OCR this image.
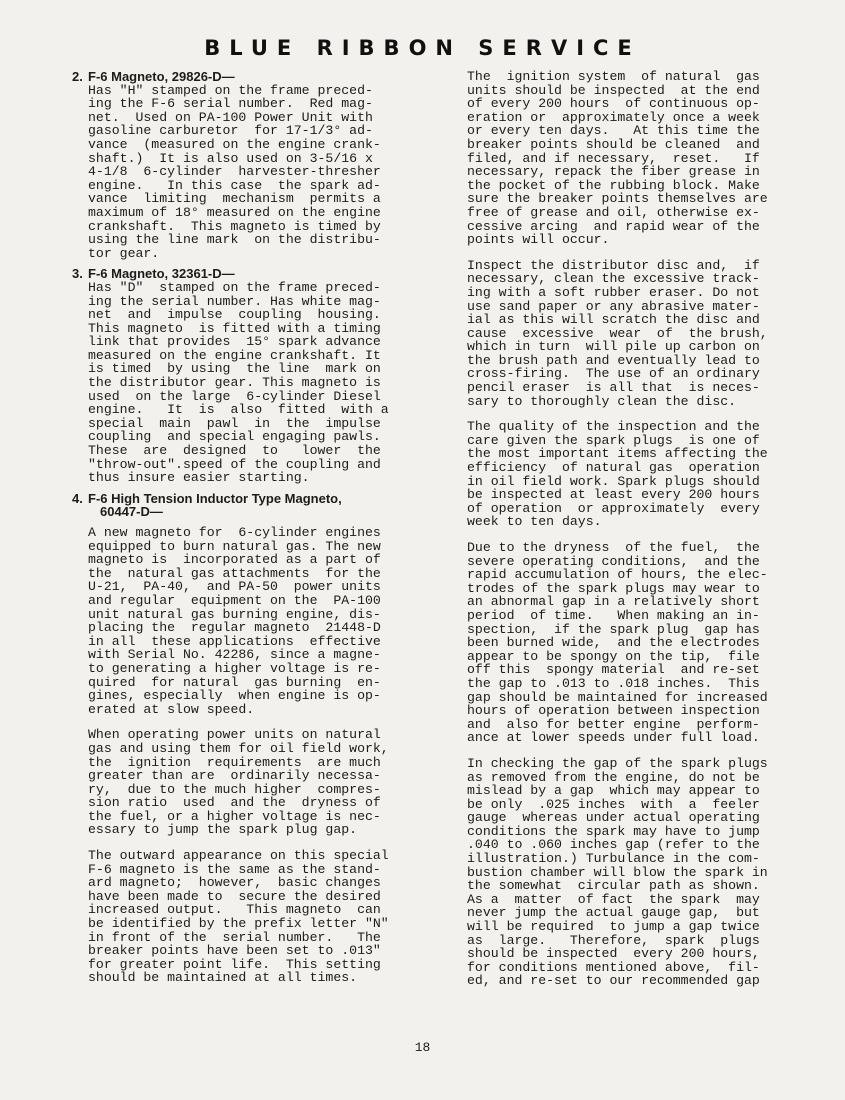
BLUE RIBBON SERVICE
2. F-6 Magneto, 29826-D—
Has "H" stamped on the frame preced-
ing the F-6 serial number.  Red mag-
net.  Used on PA-100 Power Unit with
gasoline carburetor  for 17-1/3° ad-
vance  (measured on the engine crank-
shaft.)  It is also used on 3-5/16 x
4-1/8  6-cylinder  harvester-thresher
engine.   In this case  the spark ad-
vance  limiting  mechanism  permits a
maximum of 18° measured on the engine
crankshaft.  This magneto is timed by
using the line mark  on the distribu-
tor gear.
3. F-6 Magneto, 32361-D—
Has "D"  stamped on the frame preced-
ing the serial number. Has white mag-
net  and  impulse  coupling  housing.
This magneto  is fitted with a timing
link that provides  15° spark advance
measured on the engine crankshaft. It
is timed  by using  the line  mark on
the distributor gear. This magneto is
used  on the large  6-cylinder Diesel
engine.   It  is  also  fitted  with a
special  main  pawl  in  the  impulse
coupling  and special engaging pawls.
These  are  designed  to   lower  the
"throw-out".speed of the coupling and
thus insure easier starting.
4. F-6 High Tension Inductor Type Magneto,
60447-D—
A new magneto for  6-cylinder engines
equipped to burn natural gas. The new
magneto is  incorporated as a part of
the  natural gas attachments  for the
U-21,  PA-40,  and PA-50  power units
and regular  equipment on the  PA-100
unit natural gas burning engine, dis-
placing the  regular magneto  21448-D
in all  these applications  effective
with Serial No. 42286, since a magne-
to generating a higher voltage is re-
quired  for natural  gas burning  en-
gines, especially  when engine is op-
erated at slow speed.
When operating power units on natural
gas and using them for oil field work,
the  ignition  requirements  are much
greater than are  ordinarily necessa-
ry,  due to the much higher  compres-
sion ratio  used  and the  dryness of
the fuel, or a higher voltage is nec-
essary to jump the spark plug gap.
The outward appearance on this special
F-6 magneto is the same as the stand-
ard magneto;  however,  basic changes
have been made to  secure the desired
increased output.   This magneto  can
be identified by the prefix letter "N"
in front of the  serial number.   The
breaker points have been set to .013"
for greater point life.  This setting
should be maintained at all times.
The  ignition system  of natural  gas
units should be inspected  at the end
of every 200 hours  of continuous op-
eration or  approximately once a week
or every ten days.   At this time the
breaker points should be cleaned  and
filed, and if necessary,  reset.   If
necessary, repack the fiber grease in
the pocket of the rubbing block. Make
sure the breaker points themselves are
free of grease and oil, otherwise ex-
cessive arcing  and rapid wear of the
points will occur.
Inspect the distributor disc and,  if
necessary, clean the excessive track-
ing with a soft rubber eraser. Do not
use sand paper or any abrasive mater-
ial as this will scratch the disc and
cause  excessive  wear  of  the brush,
which in turn  will pile up carbon on
the brush path and eventually lead to
cross-firing.  The use of an ordinary
pencil eraser  is all that  is neces-
sary to thoroughly clean the disc.
The quality of the inspection and the
care given the spark plugs  is one of
the most important items affecting the
efficiency  of natural gas  operation
in oil field work. Spark plugs should
be inspected at least every 200 hours
of operation  or approximately  every
week to ten days.
Due to the dryness  of the fuel,  the
severe operating conditions,  and the
rapid accumulation of hours, the elec-
trodes of the spark plugs may wear to
an abnormal gap in a relatively short
period  of time.   When making an in-
spection,  if the spark plug  gap has
been burned wide,  and the electrodes
appear to be spongy on the tip,  file
off this  spongy material  and re-set
the gap to .013 to .018 inches.  This
gap should be maintained for increased
hours of operation between inspection
and  also for better engine  perform-
ance at lower speeds under full load.
In checking the gap of the spark plugs
as removed from the engine, do not be
mislead by a gap  which may appear to
be only  .025 inches  with  a  feeler
gauge  whereas under actual operating
conditions the spark may have to jump
.040 to .060 inches gap (refer to the
illustration.) Turbulance in the com-
bustion chamber will blow the spark in
the somewhat  circular path as shown.
As a  matter  of fact  the spark  may
never jump the actual gauge gap,  but
will be required  to jump a gap twice
as  large.   Therefore,  spark  plugs
should be inspected  every 200 hours,
for conditions mentioned above,  fil-
ed, and re-set to our recommended gap
18
